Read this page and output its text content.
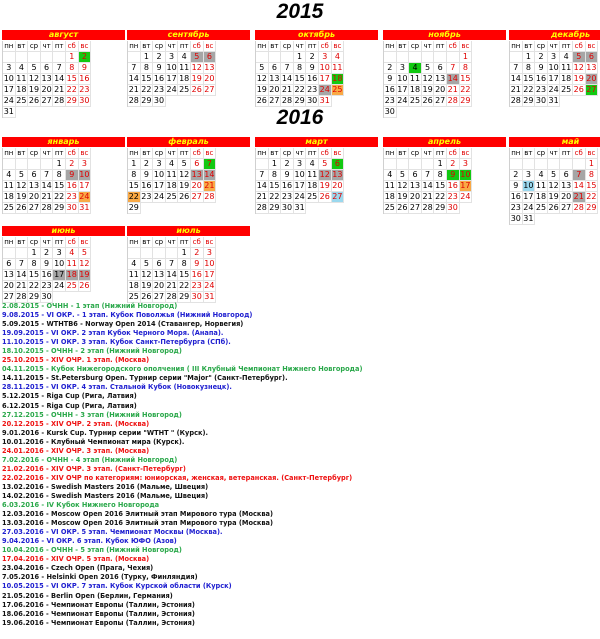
2015
2016
август
пн вт ср чт пт сб вс
1 2
3 4 5 6 7 8 9
10 11 12 13 14 15 16
17 18 19 20 21 22 23
24 25 26 27 28 29 30
31
сентябрь
пн вт ср чт пт сб вс
1 2 3 4 5 6
7 8 9 10 11 12 13
14 15 16 17 18 19 20
21 22 23 24 25 26 27
28 29 30
октябрь
пн вт ср чт пт сб вс
1 2 3 4
5 6 7 8 9 10 11
12 13 14 15 16 17 18
19 20 21 22 23 24 25
26 27 28 29 30 31
ноябрь
пн вт ср чт пт сб вс
1
2 3 4 5 6 7 8
9 10 11 12 13 14 15
16 17 18 19 20 21 22
23 24 25 26 27 28 29
30
декабрь
пн вт ср чт пт сб вс
1 2 3 4 5 6
7 8 9 10 11 12 13
14 15 16 17 18 19 20
21 22 23 24 25 26 27
28 29 30 31
январь
пн вт ср чт пт сб вс
1 2 3
4 5 6 7 8 9 10
11 12 13 14 15 16 17
18 19 20 21 22 23 24
25 26 27 28 29 30 31
февраль
пн вт ср чт пт сб вс
1 2 3 4 5 6 7
8 9 10 11 12 13 14
15 16 17 18 19 20 21
22 23 24 25 26 27 28
29
март
пн вт ср чт пт сб вс
1 2 3 4 5 6
7 8 9 10 11 12 13
14 15 16 17 18 19 20
21 22 23 24 25 26 27
28 29 30 31
апрель
пн вт ср чт пт сб вс
1 2 3
4 5 6 7 8 9 10
11 12 13 14 15 16 17
18 19 20 21 22 23 24
25 26 27 28 29 30
май
пн вт ср чт пт сб вс
1
2 3 4 5 6 7 8
9 10 11 12 13 14 15
16 17 18 19 20 21 22
23 24 25 26 27 28 29
30 31
июнь
пн вт ср чт пт сб вс
1 2 3 4 5
6 7 8 9 10 11 12
13 14 15 16 17 18 19
20 21 22 23 24 25 26
27 28 29 30
июль
пн вт ср чт пт сб вс
1 2 3
4 5 6 7 8 9 10
11 12 13 14 15 16 17
18 19 20 21 22 23 24
25 26 27 28 29 30 31
2.08.2015 - ОЧНН - 1 этап (Нижний Новгород)
9.08.2015 - VI ОКР. - 1 этап. Кубок Поволжья (Нижний Новгород)
5.09.2015 - WTHTB6 - Norway Open 2014 (Ставангер, Норвегия)
19.09.2015 - VI ОКР. 2 этап Кубок Черного Моря. (Анапа).
11.10.2015 - VI ОКР. 3 этап. Кубок Санкт-Петербурга (СПб).
18.10.2015 - ОЧНН - 2 этап (Нижний Новгород)
25.10.2015 - XIV ОЧР. 1 этап. (Москва)
04.11.2015 - Кубок Нижегородского ополчения ( III Клубный Чемпионат Нижнего Новгорода)
14.11.2015 - St.Petersburg Open. Турнир серии "Major" (Санкт-Петербург).
28.11.2015 - VI ОКР. 4 этап. Стальной Кубок (Новокузнецк).
5.12.2015 - Riga Cup (Рига, Латвия)
6.12.2015 - Riga Cup (Рига, Латвия)
27.12.2015 - ОЧНН - 3 этап (Нижний Новгород)
20.12.2015 - XIV ОЧР. 2 этап. (Москва)
9.01.2016 - Kursk Cup. Турнир серии "WTHT " (Курск).
10.01.2016 - Клубный Чемпионат мира (Курск).
24.01.2016 - XIV ОЧР. 3 этап. (Москва)
7.02.2016 - ОЧНН - 4 этап (Нижний Новгород)
21.02.2016 - XIV ОЧР. 3 этап. (Санкт-Петербург)
22.02.2016 - XIV ОЧР по категориям: юниорская, женская, ветеранская. (Санкт-Петербург)
13.02.2016 - Swedish Masters 2016 (Мальме, Швеция)
14.02.2016 - Swedish Masters 2016 (Мальме, Швеция)
6.03.2016 - IV Кубок Нижнего Новгорода
12.03.2016 - Moscow Open 2016 Элитный этап Мирового тура (Москва)
13.03.2016 - Moscow Open 2016 Элитный этап Мирового тура (Москва)
27.03.2016 - VI ОКР. 5 этап. Чемпионат Москвы (Москва).
9.04.2016 - VI ОКР. 6 этап. Кубок ЮФО (Азов)
10.04.2016 - ОЧНН - 5 этап (Нижний Новгород)
17.04.2016 - XIV ОЧР. 5 этап. (Москва)
23.04.2016 - Czech Open (Прага, Чехия)
7.05.2016 - Helsinki Open 2016 (Турку, Финляндия)
10.05.2015 - VI ОКР. 7 этап. Кубок Курской области (Курск)
21.05.2016 - Berlin Open (Берлин, Германия)
17.06.2016 - Чемпионат Европы (Таллин, Эстония)
18.06.2016 - Чемпионат Европы (Таллин, Эстония)
19.06.2016 - Чемпионат Европы (Таллин, Эстония)
